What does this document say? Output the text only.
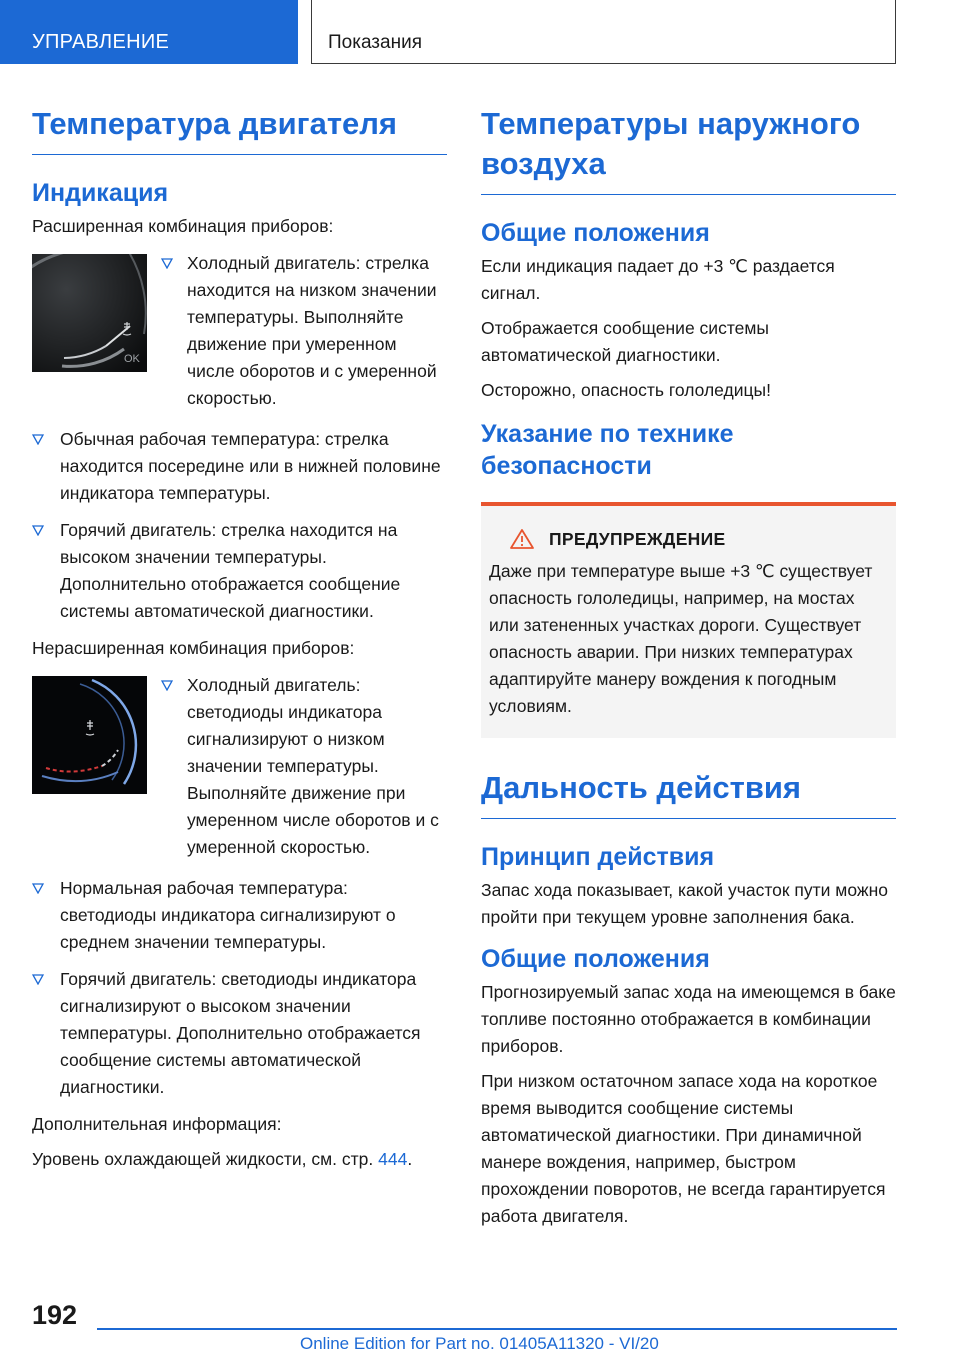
УПРАВЛЕНИЕ	Показания
Температура двигателя
Индикация

Расширенная комбинация приборов:

OK
Холодный двигатель: стрелка находится на низком значении температуры. Выполняйте движение при умеренном числе оборотов и с умеренной скоростью.
Обычная рабочая температура: стрелка находится посередине или в нижней половине индикатора температуры.
Горячий двигатель: стрелка находится на высоком значении температуры. Дополнительно отображается сообщение системы автоматической диагностики.

Нерасширенная комбинация приборов:

Холодный двигатель: светодиоды индикатора сигнализируют о низком значении температуры. Выполняйте движение при умеренном числе оборотов и с умеренной скоростью.
Нормальная рабочая температура: светодиоды индикатора сигнализируют о среднем значении температуры.
Горячий двигатель: светодиоды индикатора сигнализируют о высоком значении температуры. Дополнительно отображается сообщение системы автоматической диагностики.

Дополнительная информация:

Уровень охлаждающей жидкости, см. стр. 444.

Температуры наружного воздуха
Общие положения

Если индикация падает до +3 ℃ раздается сигнал.

Отображается сообщение системы автоматической диагностики.

Осторожно, опасность гололедицы!

Указание по технике безопасности
ПРЕДУПРЕЖДЕНИЕ

Даже при температуре выше +3 ℃ существует опасность гололедицы, например, на мостах или затененных участках дороги. Существует опасность аварии. При низких температурах адаптируйте манеру вождения к погодным условиям.

Дальность действия
Принцип действия

Запас хода показывает, какой участок пути можно пройти при текущем уровне заполнения бака.

Общие положения

Прогнозируемый запас хода на имеющемся в баке топливе постоянно отображается в комбинации приборов.

При низком остаточном запасе хода на короткое время выводится сообщение системы автоматической диагностики. При динамичной манере вождения, например, быстром прохождении поворотов, не всегда гарантируется работа двигателя.

192
Online Edition for Part no. 01405A11320 - VI/20
